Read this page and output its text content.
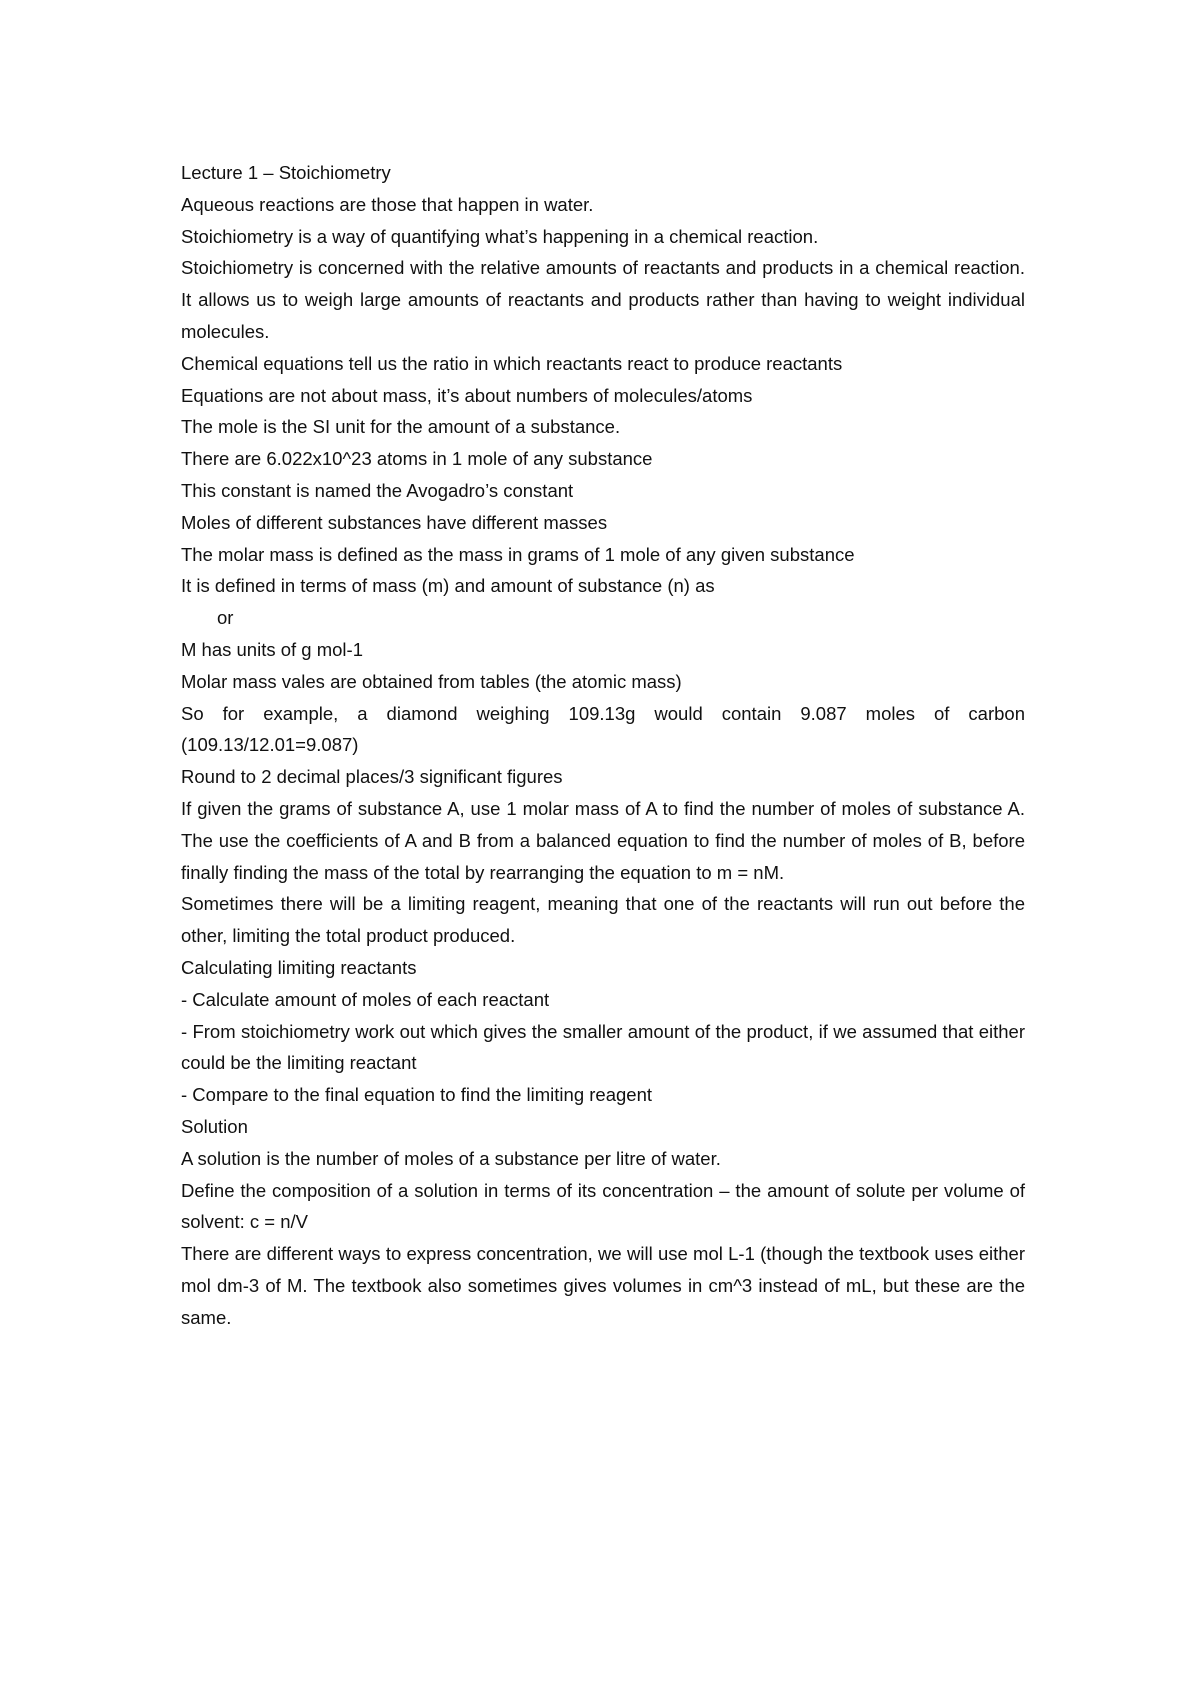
Lecture 1 – Stoichiometry

Aqueous reactions are those that happen in water.

Stoichiometry is a way of quantifying what’s happening in a chemical reaction.

Stoichiometry is concerned with the relative amounts of reactants and products in a chemical reaction. It allows us to weigh large amounts of reactants and products rather than having to weight individual molecules.

Chemical equations tell us the ratio in which reactants react to produce reactants

Equations are not about mass, it’s about numbers of molecules/atoms

The mole is the SI unit for the amount of a substance.

There are 6.022x10^23 atoms in 1 mole of any substance

This constant is named the Avogadro’s constant

Moles of different substances have different masses

The molar mass is defined as the mass in grams of 1 mole of any given substance

It is defined in terms of mass (m) and amount of substance (n) as

or

M has units of g mol-1

Molar mass vales are obtained from tables (the atomic mass)

So for example, a diamond weighing 109.13g would contain 9.087 moles of carbon (109.13/12.01=9.087)

Round to 2 decimal places/3 significant figures

If given the grams of substance A, use 1 molar mass of A to find the number of moles of substance A. The use the coefficients of A and B from a balanced equation to find the number of moles of B, before finally finding the mass of the total by rearranging the equation to m = nM.

Sometimes there will be a limiting reagent, meaning that one of the reactants will run out before the other, limiting the total product produced.

Calculating limiting reactants

- Calculate amount of moles of each reactant

- From stoichiometry work out which gives the smaller amount of the product, if we assumed that either could be the limiting reactant

- Compare to the final equation to find the limiting reagent

Solution

A solution is the number of moles of a substance per litre of water.

Define the composition of a solution in terms of its concentration – the amount of solute per volume of solvent: c = n/V

There are different ways to express concentration, we will use mol L-1 (though the textbook uses either mol dm-3 of M. The textbook also sometimes gives volumes in cm^3 instead of mL, but these are the same.
